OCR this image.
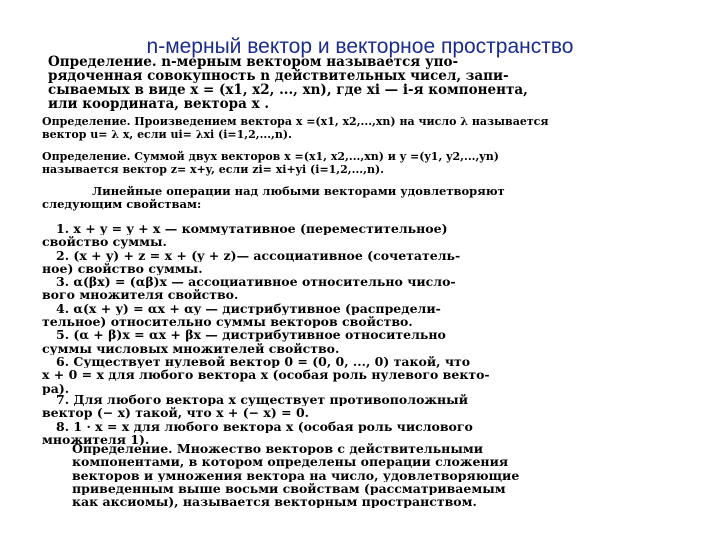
n-мерный вектор и векторное пространство
Определение. n-мерным вектором называется упо-
рядоченная совокупность n действительных чисел, запи-
сываемых в виде x = (x1, x2, ..., xn), где xi — i-я компонента,
или координата, вектора x .
Определение. Произведением вектора x =(x1, x2,...,xn) на число λ называется
вектор u= λ x, если ui= λxi (i=1,2,...,n).
Определение. Суммой двух векторов x =(x1, x2,...,xn) и y =(y1, y2,...,yn)
называется вектор z= x+y, если zi= xi+yi (i=1,2,...,n).
Линейные операции над любыми векторами удовлетворяют
следующим свойствам:
1. x + y = y + x — коммутативное (переместительное)
свойство суммы.
2. (x + y) + z = x + (y + z)— ассоциативное (сочетатель-
ное) свойство суммы.
3. α(βx) = (αβ)x — ассоциативное относительно числo-
вого множителя свойство.
4. α(x + y) = αx + αy — дистрибутивное (распредели-
тельное) относительно суммы векторов свойство.
5. (α + β)x = αx + βx — дистрибутивное относительно
суммы числовых множителей свойство.
6. Существует нулевой вектор 0 = (0, 0, ..., 0) такой, что
x + 0 = x для любого вектора x (особая роль нулевого векто-
ра).
7. Для любого вектора x существует противоположный
вектор (− x) такой, что x + (− x) = 0.
8. 1 · x = x для любого вектора x (особая роль числового
множителя 1).
Определение. Множество векторов с действительными
компонентами, в котором определены операции сложения
векторов и умножения вектора на число, удовлетворяющие
приведенным выше восьми свойствам (рассматриваемым
как аксиомы), называется векторным пространством.
